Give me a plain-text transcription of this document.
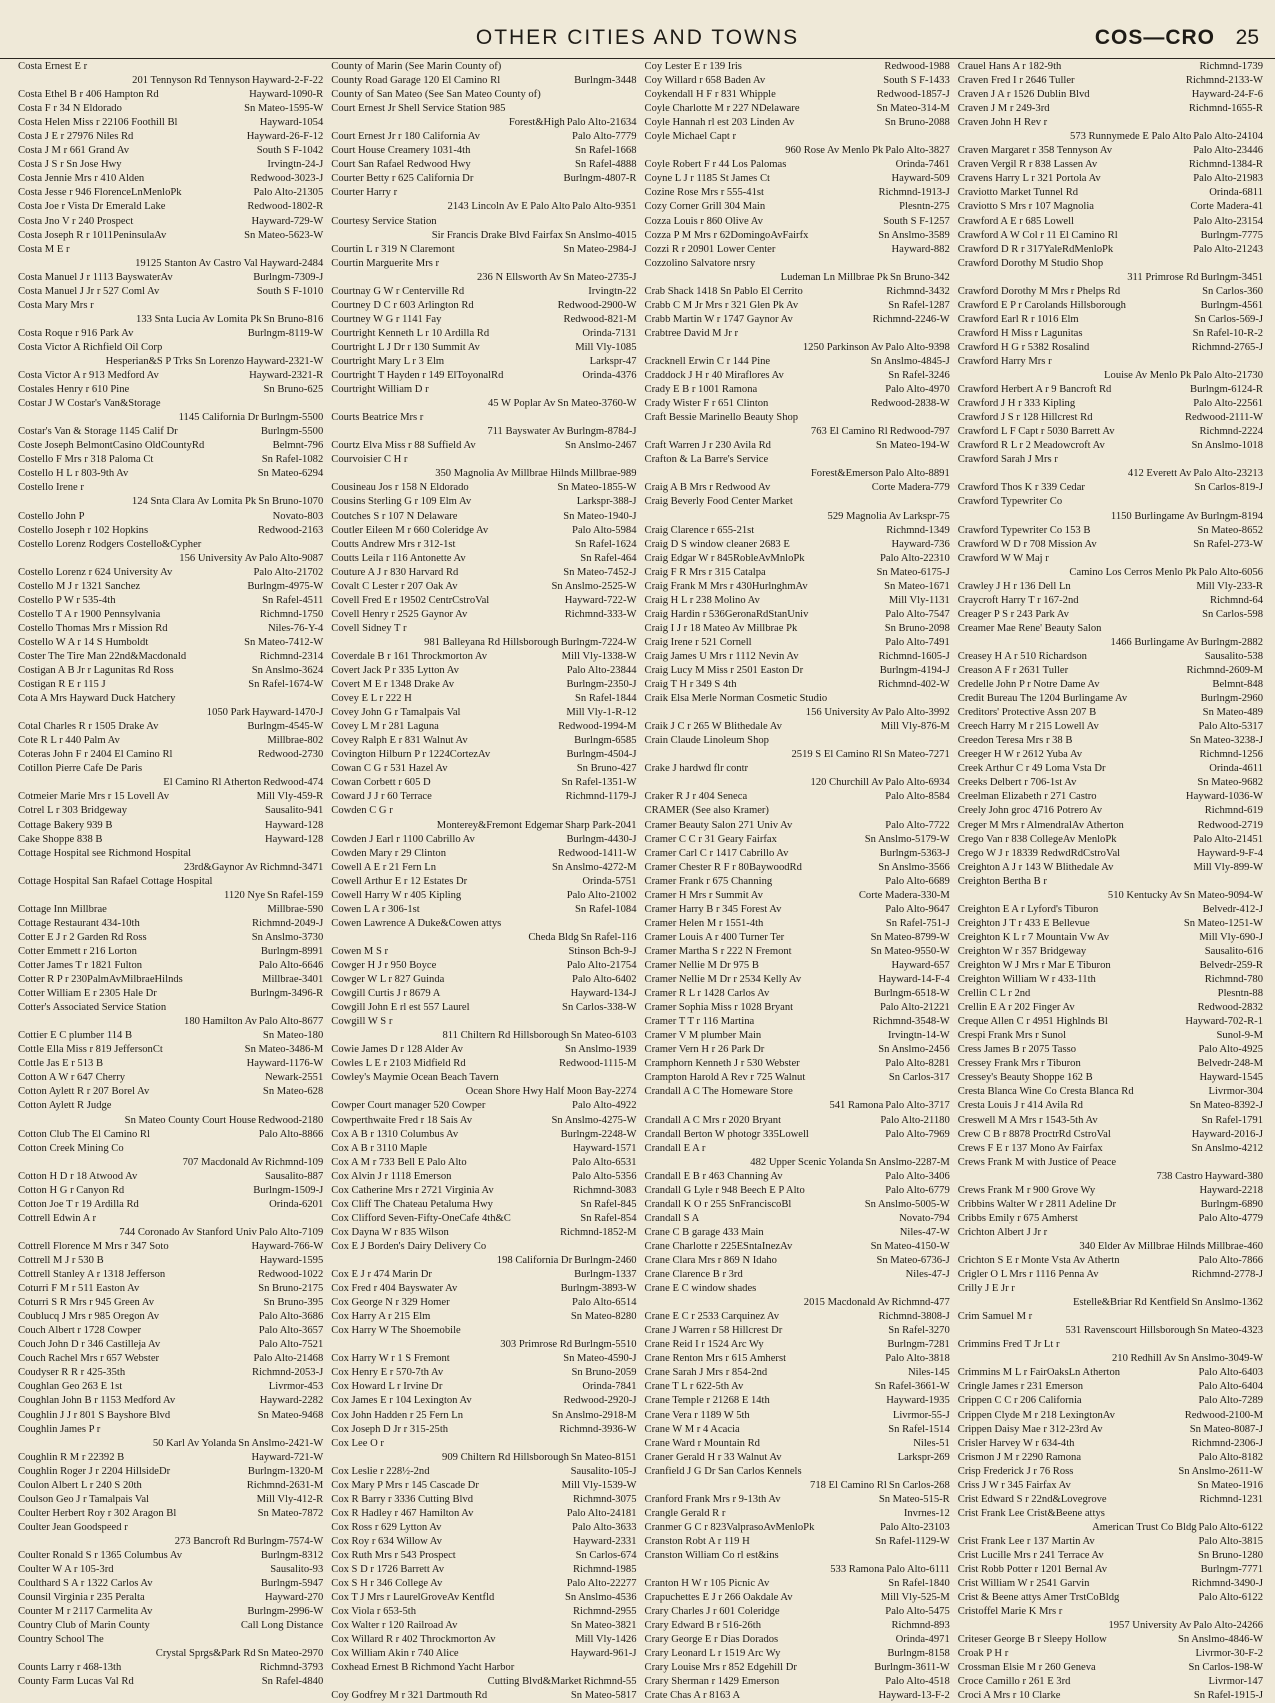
OTHER CITIES AND TOWNS	COS—CRO 25
Costa Ernest E r
201 Tennyson Rd Tennyson Hayward-2-F-22
Costa Ethel B r 406 Hampton Rd	Hayward-1090-R
Costa F r 34 N Eldorado	Sn Mateo-1595-W
Costa Helen Miss r 22106 Foothill Bl	Hayward-1054
Costa J E r 27976 Niles Rd	Hayward-26-F-12
Costa J M r 661 Grand Av	South S F-1042
Costa J S r Sn Jose Hwy	Irvingtn-24-J
Costa Jennie Mrs r 410 Alden	Redwood-3023-J
Costa Jesse r 946 FlorenceLnMenloPk	Palo Alto-21305
Costa Joe r Vista Dr Emerald Lake	Redwood-1802-R
Costa Jno V r 240 Prospect	Hayward-729-W
Costa Joseph R r 1011PeninsulaAv	Sn Mateo-5623-W
Costa M E r
19125 Stanton Av Castro Val Hayward-2484
Costa Manuel J r 1113 BayswaterAv	Burlngm-7309-J
Costa Manuel J Jr r 527 Coml Av	South S F-1010
Costa Mary Mrs r
133 Snta Lucia Av Lomita Pk Sn Bruno-816
Costa Roque r 916 Park Av	Burlngm-8119-W
Costa Victor A Richfield Oil Corp
Hesperian&S P Trks Sn Lorenzo Hayward-2321-W
Costa Victor A r 913 Medford Av	Hayward-2321-R
Costales Henry r 610 Pine	Sn Bruno-625
Costar J W Costar's Van&Storage
1145 California Dr Burlngm-5500
Costar's Van & Storage 1145 Calif Dr	Burlngm-5500
Coste Joseph BelmontCasino OldCountyRd	Belmnt-796
Costello F Mrs r 318 Paloma Ct	Sn Rafel-1082
Costello H L r 803-9th Av	Sn Mateo-6294
Costello Irene r
124 Snta Clara Av Lomita Pk Sn Bruno-1070
Costello John P	Novato-803
Costello Joseph r 102 Hopkins	Redwood-2163
Costello Lorenz Rodgers Costello&Cypher
156 University Av Palo Alto-9087
Costello Lorenz r 624 University Av	Palo Alto-21702
Costello M J r 1321 Sanchez	Burlngm-4975-W
Costello P W r 535-4th	Sn Rafel-4511
Costello T A r 1900 Pennsylvania	Richmnd-1750
Costello Thomas Mrs r Mission Rd	Niles-76-Y-4
Costello W A r 14 S Humboldt	Sn Mateo-7412-W
Coster The Tire Man 22nd&Macdonald	Richmnd-2314
Costigan A B Jr r Lagunitas Rd Ross	Sn Anslmo-3624
Costigan R E r 115 J	Sn Rafel-1674-W
Cota A Mrs Hayward Duck Hatchery
1050 Park Hayward-1470-J
Cotal Charles R r 1505 Drake Av	Burlngm-4545-W
Cote R L r 440 Palm Av	Millbrae-802
Coteras John F r 2404 El Camino Rl	Redwood-2730
Cotillon Pierre Cafe De Paris
El Camino Rl Atherton Redwood-474
Cotmeier Marie Mrs r 15 Lovell Av	Mill Vly-459-R
Cotrel L r 303 Bridgeway	Sausalito-941
Cottage Bakery 939 B	Hayward-128
Cake Shoppe 838 B	Hayward-128
Cottage Hospital see Richmond Hospital
23rd&Gaynor Av Richmnd-3471
Cottage Hospital San Rafael Cottage Hospital
1120 Nye Sn Rafel-159
Cottage Inn Millbrae	Millbrae-590
Cottage Restaurant 434-10th	Richmnd-2049-J
Cotter E J r 2 Garden Rd Ross	Sn Anslmo-3730
Cotter Emmett r 216 Lorton	Burlngm-8991
Cotter James T r 1821 Fulton	Palo Alto-6646
Cotter R P r 230PalmAvMilbraeHilnds	Millbrae-3401
Cotter William E r 2305 Hale Dr	Burlngm-3496-R
Cotter's Associated Service Station
180 Hamilton Av Palo Alto-8677
Cottier E C plumber 114 B	Sn Mateo-180
Cottle Ella Miss r 819 JeffersonCt	Sn Mateo-3486-M
Cottle Jas E r 513 B	Hayward-1176-W
Cotton A W r 647 Cherry	Newark-2551
Cotton Aylett R r 207 Borel Av	Sn Mateo-628
Cotton Aylett R Judge
Sn Mateo County Court House Redwood-2180
Cotton Club The El Camino Rl	Palo Alto-8866
Cotton Creek Mining Co
707 Macdonald Av Richmnd-109
Cotton H D r 18 Atwood Av	Sausalito-887
Cotton H G r Canyon Rd	Burlngm-1509-J
Cotton Joe T r 19 Ardilla Rd	Orinda-6201
Cottrell Edwin A r
744 Coronado Av Stanford Univ Palo Alto-7109
Cottrell Florence M Mrs r 347 Soto	Hayward-766-W
Cottrell M J r 530 B	Hayward-1595
Cottrell Stanley A r 1318 Jefferson	Redwood-1022
Coturri F M r 511 Easton Av	Sn Bruno-2175
Coturri S R Mrs r 945 Green Av	Sn Bruno-395
Coublucq J Mrs r 985 Oregon Av	Palo Alto-3686
Couch Albert r 1728 Cowper	Palo Alto-3657
Couch John D r 346 Castilleja Av	Palo Alto-7521
Couch Rachel Mrs r 657 Webster	Palo Alto-21468
Coudyser R R r 425-35th	Richmnd-2053-J
Coughlan Geo 263 E 1st	Livrmor-453
Coughlan John B r 1153 Medford Av	Hayward-2282
Coughlin J J r 801 S Bayshore Blvd	Sn Mateo-9468
Coughlin James P r
50 Karl Av Yolanda Sn Anslmo-2421-W
Coughlin R M r 22392 B	Hayward-721-W
Coughlin Roger J r 2204 HillsideDr	Burlngm-1320-M
Coulon Albert L r 240 S 20th	Richmnd-2631-M
Coulson Geo J r Tamalpais Val	Mill Vly-412-R
Coulter Herbert Roy r 302 Aragon Bl	Sn Mateo-7872
Coulter Jean Goodspeed r
273 Bancroft Rd Burlngm-7574-W
Coulter Ronald S r 1365 Columbus Av	Burlngm-8312
Coulter W A r 105-3rd	Sausalito-93
Coulthard S A r 1322 Carlos Av	Burlngm-5947
Counsil Virginia r 235 Peralta	Hayward-270
Counter M r 2117 Carmelita Av	Burlngm-2996-W
Country Club of Marin County	Call Long Distance
Country School The
Crystal Sprgs&Park Rd Sn Mateo-2970
Counts Larry r 468-13th	Richmnd-3793
County Farm Lucas Val Rd	Sn Rafel-4840
County of Marin (See Marin County of)
County Road Garage 120 El Camino Rl	Burlngm-3448
County of San Mateo (See San Mateo County of)
Court Ernest Jr Shell Service Station 985
Forest&High Palo Alto-21634
Court Ernest Jr r 180 California Av	Palo Alto-7779
Court House Creamery 1031-4th	Sn Rafel-1668
Court San Rafael Redwood Hwy	Sn Rafel-4888
Courter Betty r 625 California Dr	Burlngm-4807-R
Courter Harry r
2143 Lincoln Av E Palo Alto Palo Alto-9351
Courtesy Service Station
Sir Francis Drake Blvd Fairfax Sn Anslmo-4015
Courtin L r 319 N Claremont	Sn Mateo-2984-J
Courtin Marguerite Mrs r
236 N Ellsworth Av Sn Mateo-2735-J
Courtnay G W r Centerville Rd	Irvingtn-22
Courtney D C r 603 Arlington Rd	Redwood-2900-W
Courtney W G r 1141 Fay	Redwood-821-M
Courtright Kenneth L r 10 Ardilla Rd	Orinda-7131
Courtright L J Dr r 130 Summit Av	Mill Vly-1085
Courtright Mary L r 3 Elm	Larkspr-47
Courtright T Hayden r 149 ElToyonalRd	Orinda-4376
Courtright William D r
45 W Poplar Av Sn Mateo-3760-W
Courts Beatrice Mrs r
711 Bayswater Av Burlngm-8784-J
Courtz Elva Miss r 88 Suffield Av	Sn Anslmo-2467
Courvoisier C H r
350 Magnolia Av Millbrae Hilnds Millbrae-989
Cousineau Jos r 158 N Eldorado	Sn Mateo-1855-W
Cousins Sterling G r 109 Elm Av	Larkspr-388-J
Coutches S r 107 N Delaware	Sn Mateo-1940-J
Coutler Eileen M r 660 Coleridge Av	Palo Alto-5984
Coutts Andrew Mrs r 312-1st	Sn Rafel-1624
Coutts Leila r 116 Antonette Av	Sn Rafel-464
Couture A J r 830 Harvard Rd	Sn Mateo-7452-J
Covalt C Lester r 207 Oak Av	Sn Anslmo-2525-W
Covell Fred E r 19502 CentrCstroVal	Hayward-722-W
Covell Henry r 2525 Gaynor Av	Richmnd-333-W
Covell Sidney T r
981 Balleyana Rd Hillsborough Burlngm-7224-W
Coverdale B r 161 Throckmorton Av	Mill Vly-1338-W
Covert Jack P r 335 Lytton Av	Palo Alto-23844
Covert M E r 1348 Drake Av	Burlngm-2350-J
Covey E L r 222 H	Sn Rafel-1844
Covey John G r Tamalpais Val	Mill Vly-1-R-12
Covey L M r 281 Laguna	Redwood-1994-M
Covey Ralph E r 831 Walnut Av	Burlngm-6585
Covington Hilburn P r 1224CortezAv	Burlngm-4504-J
Cowan C G r 531 Hazel Av	Sn Bruno-427
Cowan Corbett r 605 D	Sn Rafel-1351-W
Coward J J r 60 Terrace	Richmnd-1179-J
Cowden C G r
Monterey&Fremont Edgemar Sharp Park-2041
Cowden J Earl r 1100 Cabrillo Av	Burlngm-4430-J
Cowden Mary r 29 Clinton	Redwood-1411-W
Cowell A E r 21 Fern Ln	Sn Anslmo-4272-M
Cowell Arthur E r 12 Estates Dr	Orinda-5751
Cowell Harry W r 405 Kipling	Palo Alto-21002
Cowen L A r 306-1st	Sn Rafel-1084
Cowen Lawrence A Duke&Cowen attys
Cheda Bldg Sn Rafel-116
Cowen M S r	Stinson Bch-9-J
Cowger H J r 950 Boyce	Palo Alto-21754
Cowger W L r 827 Guinda	Palo Alto-6402
Cowgill Curtis J r 8679 A	Hayward-134-J
Cowgill John E rl est 557 Laurel	Sn Carlos-338-W
Cowgill W S r
811 Chiltern Rd Hillsborough Sn Mateo-6103
Cowie James D r 128 Alder Av	Sn Anslmo-1939
Cowles L E r 2103 Midfield Rd	Redwood-1115-M
Cowley's Maymie Ocean Beach Tavern
Ocean Shore Hwy Half Moon Bay-2274
Cowper Court manager 520 Cowper	Palo Alto-4922
Cowperthwaite Fred r 18 Sais Av	Sn Anslmo-4275-W
Cox A B r 1310 Columbus Av	Burlngm-2248-W
Cox A B r 3110 Maple	Hayward-1571
Cox A M r 733 Bell E Palo Alto	Palo Alto-6531
Cox Alvin J r 1118 Emerson	Palo Alto-5356
Cox Catherine Mrs r 2721 Virginia Av	Richmnd-3083
Cox Cliff The Chateau Petaluma Hwy	Sn Rafel-845
Cox Clifford Seven-Fifty-OneCafe 4th&C	Sn Rafel-854
Cox Dayna W r 835 Wilson	Richmnd-1852-M
Cox E J Borden's Dairy Delivery Co
198 California Dr Burlngm-2460
Cox E J r 474 Marin Dr	Burlngm-1337
Cox Fred r 404 Bayswater Av	Burlngm-3893-W
Cox George N r 329 Homer	Palo Alto-6514
Cox Harry A r 215 Elm	Sn Mateo-8280
Cox Harry W The Shoemobile
303 Primrose Rd Burlngm-5510
Cox Harry W r 1 S Fremont	Sn Mateo-4590-J
Cox Henry E r 570-7th Av	Sn Bruno-2059
Cox Howard L r Irvine Dr	Orinda-7841
Cox James E r 104 Lexington Av	Redwood-2920-J
Cox John Hadden r 25 Fern Ln	Sn Anslmo-2918-M
Cox Joseph D Jr r 315-25th	Richmnd-3936-W
Cox Lee O r
909 Chiltern Rd Hillsborough Sn Mateo-8151
Cox Leslie r 228½-2nd	Sausalito-105-J
Cox Mary P Mrs r 145 Cascade Dr	Mill Vly-1539-W
Cox R Barry r 3336 Cutting Blvd	Richmnd-3075
Cox R Hadley r 467 Hamilton Av	Palo Alto-24181
Cox Ross r 629 Lytton Av	Palo Alto-3633
Cox Roy r 634 Willow Av	Hayward-2331
Cox Ruth Mrs r 543 Prospect	Sn Carlos-674
Cox S D r 1726 Barrett Av	Richmnd-1985
Cox S H r 346 College Av	Palo Alto-22277
Cox T J Mrs r LaurelGroveAv Kentfld	Sn Anslmo-4536
Cox Viola r 653-5th	Richmnd-2955
Cox Walter r 120 Railroad Av	Sn Mateo-3821
Cox Willard R r 402 Throckmorton Av	Mill Vly-1426
Cox William Akin r 740 Alice	Hayward-961-J
Coxhead Ernest B Richmond Yacht Harbor
Cutting Blvd&Market Richmnd-55
Coy Godfrey M r 321 Dartmouth Rd	Sn Mateo-5817
Coy Lester E r 139 Iris	Redwood-1988
Coy Willard r 658 Baden Av	South S F-1433
Coykendall H F r 831 Whipple	Redwood-1857-J
Coyle Charlotte M r 227 NDelaware	Sn Mateo-314-M
Coyle Hannah rl est 203 Linden Av	Sn Bruno-2088
Coyle Michael Capt r
960 Rose Av Menlo Pk Palo Alto-3827
Coyle Robert F r 44 Los Palomas	Orinda-7461
Coyne L J r 1185 St James Ct	Hayward-509
Cozine Rose Mrs r 555-41st	Richmnd-1913-J
Cozy Corner Grill 304 Main	Plesntn-275
Cozza Louis r 860 Olive Av	South S F-1257
Cozza P M Mrs r 62DomingoAvFairfx	Sn Anslmo-3589
Cozzi R r 20901 Lower Center	Hayward-882
Cozzolino Salvatore nrsry
Ludeman Ln Millbrae Pk Sn Bruno-342
Crab Shack 1418 Sn Pablo El Cerrito	Richmnd-3432
Crabb C M Jr Mrs r 321 Glen Pk Av	Sn Rafel-1287
Crabb Martin W r 1747 Gaynor Av	Richmnd-2246-W
Crabtree David M Jr r
1250 Parkinson Av Palo Alto-9398
Cracknell Erwin C r 144 Pine	Sn Anslmo-4845-J
Craddock J H r 40 Miraflores Av	Sn Rafel-3246
Crady E B r 1001 Ramona	Palo Alto-4970
Crady Wister F r 651 Clinton	Redwood-2838-W
Craft Bessie Marinello Beauty Shop
763 El Camino Rl Redwood-797
Craft Warren J r 230 Avila Rd	Sn Mateo-194-W
Crafton & La Barre's Service
Forest&Emerson Palo Alto-8891
Craig A B Mrs r Redwood Av	Corte Madera-779
Craig Beverly Food Center Market
529 Magnolia Av Larkspr-75
Craig Clarence r 655-21st	Richmnd-1349
Craig D S window cleaner 2683 E	Hayward-736
Craig Edgar W r 845RobleAvMnloPk	Palo Alto-22310
Craig F R Mrs r 315 Catalpa	Sn Mateo-6175-J
Craig Frank M Mrs r 430HurlnghmAv	Sn Mateo-1671
Craig H L r 238 Molino Av	Mill Vly-1131
Craig Hardin r 536GeronaRdStanUniv	Palo Alto-7547
Craig I J r 18 Mateo Av Millbrae Pk	Sn Bruno-2098
Craig Irene r 521 Cornell	Palo Alto-7491
Craig James U Mrs r 1112 Nevin Av	Richmnd-1605-J
Craig Lucy M Miss r 2501 Easton Dr	Burlngm-4194-J
Craig T H r 349 S 4th	Richmnd-402-W
Craik Elsa Merle Norman Cosmetic Studio
156 University Av Palo Alto-3992
Craik J C r 265 W Blithedale Av	Mill Vly-876-M
Crain Claude Linoleum Shop
2519 S El Camino Rl Sn Mateo-7271
Crake J hardwd flr contr
120 Churchill Av Palo Alto-6934
Craker R J r 404 Seneca	Palo Alto-8584
CRAMER (See also Kramer)
Cramer Beauty Salon 271 Univ Av	Palo Alto-7722
Cramer C C r 31 Geary Fairfax	Sn Anslmo-5179-W
Cramer Carl C r 1417 Cabrillo Av	Burlngm-5363-J
Cramer Chester R F r 80BaywoodRd	Sn Anslmo-3566
Cramer Frank r 675 Channing	Palo Alto-6689
Cramer H Mrs r Summit Av	Corte Madera-330-M
Cramer Harry B r 345 Forest Av	Palo Alto-9647
Cramer Helen M r 1551-4th	Sn Rafel-751-J
Cramer Louis A r 400 Turner Ter	Sn Mateo-8799-W
Cramer Martha S r 222 N Fremont	Sn Mateo-9550-W
Cramer Nellie M Dr 975 B	Hayward-657
Cramer Nellie M Dr r 2534 Kelly Av	Hayward-14-F-4
Cramer R L r 1428 Carlos Av	Burlngm-6518-W
Cramer Sophia Miss r 1028 Bryant	Palo Alto-21221
Cramer T T r 116 Martina	Richmnd-3548-W
Cramer V M plumber Main	Irvingtn-14-W
Cramer Vern H r 26 Park Dr	Sn Anslmo-2456
Cramphorn Kenneth J r 530 Webster	Palo Alto-8281
Crampton Harold A Rev r 725 Walnut	Sn Carlos-317
Crandall A C The Homeware Store
541 Ramona Palo Alto-3717
Crandall A C Mrs r 2020 Bryant	Palo Alto-21180
Crandall Berton W photogr 335Lowell	Palo Alto-7969
Crandall E A r
482 Upper Scenic Yolanda Sn Anslmo-2287-M
Crandall E B r 463 Channing Av	Palo Alto-3406
Crandall G Lyle r 948 Beech E P Alto	Palo Alto-6779
Crandall K O r 255 SnFranciscoBl	Sn Anslmo-5005-W
Crandall S A	Novato-794
Crane C B garage 433 Main	Niles-47-W
Crane Charlotte r 225ESntaInezAv	Sn Mateo-4150-W
Crane Clara Mrs r 869 N Idaho	Sn Mateo-6736-J
Crane Clarence B r 3rd	Niles-47-J
Crane E C window shades
2015 Macdonald Av Richmnd-477
Crane E C r 2533 Carquinez Av	Richmnd-3808-J
Crane J Warren r 58 Hillcrest Dr	Sn Rafel-3270
Crane Reid I r 1524 Arc Wy	Burlngm-7281
Crane Renton Mrs r 615 Amherst	Palo Alto-3818
Crane Sarah J Mrs r 854-2nd	Niles-145
Crane T L r 622-5th Av	Sn Rafel-3661-W
Crane Temple r 21268 E 14th	Hayward-1935
Crane Vera r 1189 W 5th	Livrmor-55-J
Crane W M r 4 Acacia	Sn Rafel-1514
Crane Ward r Mountain Rd	Niles-51
Craner Gerald H r 33 Walnut Av	Larkspr-269
Cranfield J G Dr San Carlos Kennels
718 El Camino Rl Sn Carlos-268
Cranford Frank Mrs r 9-13th Av	Sn Mateo-515-R
Crangle Gerald R r	Invrnes-12
Cranmer G C r 823ValprasoAvMenloPk	Palo Alto-23103
Cranston Robt A r 119 H	Sn Rafel-1129-W
Cranston William Co rl est&ins
533 Ramona Palo Alto-6111
Cranton H W r 105 Picnic Av	Sn Rafel-1840
Crapuchettes E J r 266 Oakdale Av	Mill Vly-525-M
Crary Charles J r 601 Coleridge	Palo Alto-5475
Crary Edward B r 516-26th	Richmnd-893
Crary George E r Dias Dorados	Orinda-4971
Crary Leonard L r 1519 Arc Wy	Burlngm-8158
Crary Louise Mrs r 852 Edgehill Dr	Burlngm-3611-W
Crary Sherman r 1429 Emerson	Palo Alto-4518
Crate Chas A r 8163 A	Hayward-13-F-2
Crauel Hans A r 182-9th	Richmnd-1739
Craven Fred I r 2646 Tuller	Richmnd-2133-W
Craven J A r 1526 Dublin Blvd	Hayward-24-F-6
Craven J M r 249-3rd	Richmnd-1655-R
Craven John H Rev r
573 Runnymede E Palo Alto Palo Alto-24104
Craven Margaret r 358 Tennyson Av	Palo Alto-23446
Craven Vergil R r 838 Lassen Av	Richmnd-1384-R
Cravens Harry L r 321 Portola Av	Palo Alto-21983
Craviotto Market Tunnel Rd	Orinda-6811
Craviotto S Mrs r 107 Magnolia	Corte Madera-41
Crawford A E r 685 Lowell	Palo Alto-23154
Crawford A W Col r 11 El Camino Rl	Burlngm-7775
Crawford D R r 317YaleRdMenloPk	Palo Alto-21243
Crawford Dorothy M Studio Shop
311 Primrose Rd Burlngm-3451
Crawford Dorothy M Mrs r Phelps Rd	Sn Carlos-360
Crawford E P r Carolands Hillsborough	Burlngm-4561
Crawford Earl R r 1016 Elm	Sn Carlos-569-J
Crawford H Miss r Lagunitas	Sn Rafel-10-R-2
Crawford H G r 5382 Rosalind	Richmnd-2765-J
Crawford Harry Mrs r
Louise Av Menlo Pk Palo Alto-21730
Crawford Herbert A r 9 Bancroft Rd	Burlngm-6124-R
Crawford J H r 333 Kipling	Palo Alto-22561
Crawford J S r 128 Hillcrest Rd	Redwood-2111-W
Crawford L F Capt r 5030 Barrett Av	Richmnd-2224
Crawford R L r 2 Meadowcroft Av	Sn Anslmo-1018
Crawford Sarah J Mrs r
412 Everett Av Palo Alto-23213
Crawford Thos K r 339 Cedar	Sn Carlos-819-J
Crawford Typewriter Co
1150 Burlingame Av Burlngm-8194
Crawford Typewriter Co 153 B	Sn Mateo-8652
Crawford W D r 708 Mission Av	Sn Rafel-273-W
Crawford W W Maj r
Camino Los Cerros Menlo Pk Palo Alto-6056
Crawley J H r 136 Dell Ln	Mill Vly-233-R
Craycroft Harry T r 167-2nd	Richmnd-64
Creager P S r 243 Park Av	Sn Carlos-598
Creamer Mae Rene' Beauty Salon
1466 Burlingame Av Burlngm-2882
Creasey H A r 510 Richardson	Sausalito-538
Creason A F r 2631 Tuller	Richmnd-2609-M
Credelle John P r Notre Dame Av	Belmnt-848
Credit Bureau The 1204 Burlingame Av	Burlngm-2960
Creditors' Protective Assn 207 B	Sn Mateo-489
Creech Harry M r 215 Lowell Av	Palo Alto-5317
Creedon Teresa Mrs r 38 B	Sn Mateo-3238-J
Creeger H W r 2612 Yuba Av	Richmnd-1256
Creek Arthur C r 49 Loma Vsta Dr	Orinda-4611
Creeks Delbert r 706-1st Av	Sn Mateo-9682
Creelman Elizabeth r 271 Castro	Hayward-1036-W
Creely John groc 4716 Potrero Av	Richmnd-619
Creger M Mrs r AlmendralAv Atherton	Redwood-2719
Crego Van r 838 CollegeAv MenloPk	Palo Alto-21451
Crego W J r 18339 RedwdRdCstroVal	Hayward-9-F-4
Creighton A J r 143 W Blithedale Av	Mill Vly-899-W
Creighton Bertha B r
510 Kentucky Av Sn Mateo-9094-W
Creighton E A r Lyford's Tiburon	Belvedr-412-J
Creighton J T r 433 E Bellevue	Sn Mateo-1251-W
Creighton K L r 7 Mountain Vw Av	Mill Vly-690-J
Creighton W r 357 Bridgeway	Sausalito-616
Creighton W J Mrs r Mar E Tiburon	Belvedr-259-R
Creighton William W r 433-11th	Richmnd-780
Crellin C L r 2nd	Plesntn-88
Crellin E A r 202 Finger Av	Redwood-2832
Creque Allen C r 4951 Highlnds Bl	Hayward-702-R-1
Crespi Frank Mrs r Sunol	Sunol-9-M
Cress James B r 2075 Tasso	Palo Alto-4925
Cressey Frank Mrs r Tiburon	Belvedr-248-M
Cressey's Beauty Shoppe 162 B	Hayward-1545
Cresta Blanca Wine Co Cresta Blanca Rd	Livrmor-304
Cresta Louis J r 414 Avila Rd	Sn Mateo-8392-J
Creswell M A Mrs r 1543-5th Av	Sn Rafel-1791
Crew C B r 8878 ProctrRd CstroVal	Hayward-2016-J
Crews F E r 137 Mono Av Fairfax	Sn Anslmo-4212
Crews Frank M with Justice of Peace
738 Castro Hayward-380
Crews Frank M r 900 Grove Wy	Hayward-2218
Cribbins Walter W r 2811 Adeline Dr	Burlngm-6890
Cribbs Emily r 675 Amherst	Palo Alto-4779
Crichton Albert J Jr r
340 Elder Av Millbrae Hilnds Millbrae-460
Crichton S E r Monte Vsta Av Athertn	Palo Alto-7866
Crigler O L Mrs r 1116 Penna Av	Richmnd-2778-J
Crilly J E Jr r
Estelle&Briar Rd Kentfield Sn Anslmo-1362
Crim Samuel M r
531 Ravenscourt Hillsborough Sn Mateo-4323
Crimmins Fred T Jr Lt r
210 Redhill Av Sn Anslmo-3049-W
Crimmins M L r FairOaksLn Atherton	Palo Alto-6403
Cringle James r 231 Emerson	Palo Alto-6404
Crippen C C r 206 California	Palo Alto-7289
Crippen Clyde M r 218 LexingtonAv	Redwood-2100-M
Crippen Daisy Mae r 312-23rd Av	Sn Mateo-8087-J
Crisler Harvey W r 634-4th	Richmnd-2306-J
Crismon J M r 2290 Ramona	Palo Alto-8182
Crisp Frederick J r 76 Ross	Sn Anslmo-2611-W
Criss J W r 345 Fairfax Av	Sn Mateo-1916
Crist Edward S r 22nd&Lovegrove	Richmnd-1231
Crist Frank Lee Crist&Beene attys
American Trust Co Bldg Palo Alto-6122
Crist Frank Lee r 137 Martin Av	Palo Alto-3815
Crist Lucille Mrs r 241 Terrace Av	Sn Bruno-1280
Crist Robb Potter r 1201 Bernal Av	Burlngm-7771
Crist William W r 2541 Garvin	Richmnd-3490-J
Crist & Beene attys Amer TrstCoBldg	Palo Alto-6122
Cristoffel Marie K Mrs r
1957 University Av Palo Alto-24266
Criteser George B r Sleepy Hollow	Sn Anslmo-4846-W
Croak P H r	Livrmor-30-F-2
Crossman Elsie M r 260 Geneva	Sn Carlos-198-W
Croce Camillo r 261 E 3rd	Livrmor-147
Croci A Mrs r 10 Clarke	Sn Rafel-1915-J
